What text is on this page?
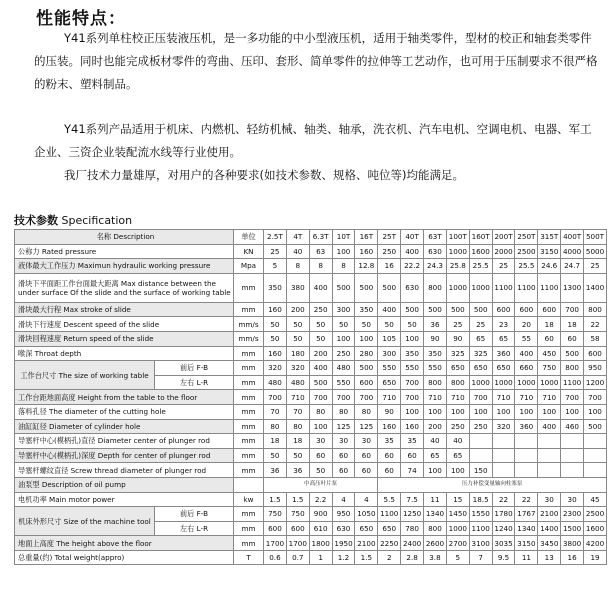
性能特点：
Y41系列单柱校正压装液压机，是一多功能的中小型液压机，适用于轴类零件，型材的校正和轴套类零件的压装。同时也能完成板材零件的弯曲、压印、套形、简单零件的拉伸等工艺动作，也可用于压制要求不很严格的粉末、塑料制品。
Y41系列产品适用于机床、内燃机、轻纺机械、轴类、轴承，洗衣机、汽车电机、空调电机、电器、军工企业、三资企业装配流水线等行业使用。
我厂技术力量雄厚，对用户的各种要求(如技术参数、规格、吨位等)均能满足。
技术参数 Specification
名称 Description		单位	2.5T	4T	6.3T	10T	16T	25T	40T	63T	100T	160T	200T	250T	315T	400T	500T
公称力 Rated pressure		KN	25	40	63	100	160	250	400	630	1000	1600	2000	2500	3150	4000	5000
液体最大工作压力 Maximun hydraulic working pressure		Mpa	5	8	8	8	12.8	16	22.2	24.3	25.8	25.5	25	25.5	24.6	24.7	25
滑块下平面距工作台面最大距离 Max distance between the under surface Of the slide and the surface of working table		mm	350	380	400	500	500	500	630	800	1000	1000	1100	1100	1100	1300	1400
滑块最大行程 Max stroke of slide		mm	160	200	250	300	350	400	500	500	500	500	600	600	600	700	800
滑块下行速度 Descent speed of the slide		mm/s	50	50	50	50	50	50	50	36	25	25	23	20	18	18	22
滑块回程速度 Return speed of the slide		mm/s	50	50	50	100	100	105	100	90	90	65	65	55	60	60	58
喉深 Throat depth		mm	160	180	200	250	280	300	350	350	325	325	360	400	450	500	600
工作台尺寸 The size of working table	前后 F-B	mm	320	320	400	480	500	550	550	550	650	650	650	660	750	800	950
	左右 L-R	mm	480	480	500	550	600	650	700	800	800	1000	1000	1000	1000	1100	1200
工作台距地面高度 Height from the table to the floor		mm	700	710	700	700	700	710	700	710	710	700	710	710	710	700	700
落料孔径 The diameter of the cutting hole		mm	70	70	80	80	80	90	100	100	100	100	100	100	100	100	100
油缸缸径 Diameter of cylinder hole		mm	80	80	100	125	125	160	160	200	250	250	320	360	400	460	500
导塞杆中心(模柄孔)直径 Diameter center of plunger rod		mm	18	18	30	30	30	35	35	40	40						
导塞杆中心(模柄孔)深度 Depth for center of plunger rod		mm	50	50	60	60	60	60	60	65	65						
导塞杆螺纹直径 Screw thread diameter of plunger rod		mm	36	36	50	60	60	60	74	100	100	150					
油泵型 Description of oil pump			中高压叶片泵					压力补偿变量轴向柱塞泵									
电机功率 Main motor power		kw	1.5	1.5	2.2	4	4	5.5	7.5	11	15	18.5	22	22	30	30	45
机床外形尺寸 Size of the machine tool	前后 F-B	mm	750	750	900	950	1050	1100	1250	1340	1450	1550	1780	1767	2100	2300	2500
	左右 L-R	mm	600	600	610	630	650	650	780	800	1000	1100	1240	1340	1400	1500	1600
地面上高度 The height above the floor		mm	1700	1700	1800	1950	2100	2250	2400	2600	2700	3100	3035	3150	3450	3800	4200
总重量(约) Total weight(appro)		T	0.6	0.7	1	1.2	1.5	2	2.8	3.8	5	7	9.5	11	13	16	19
